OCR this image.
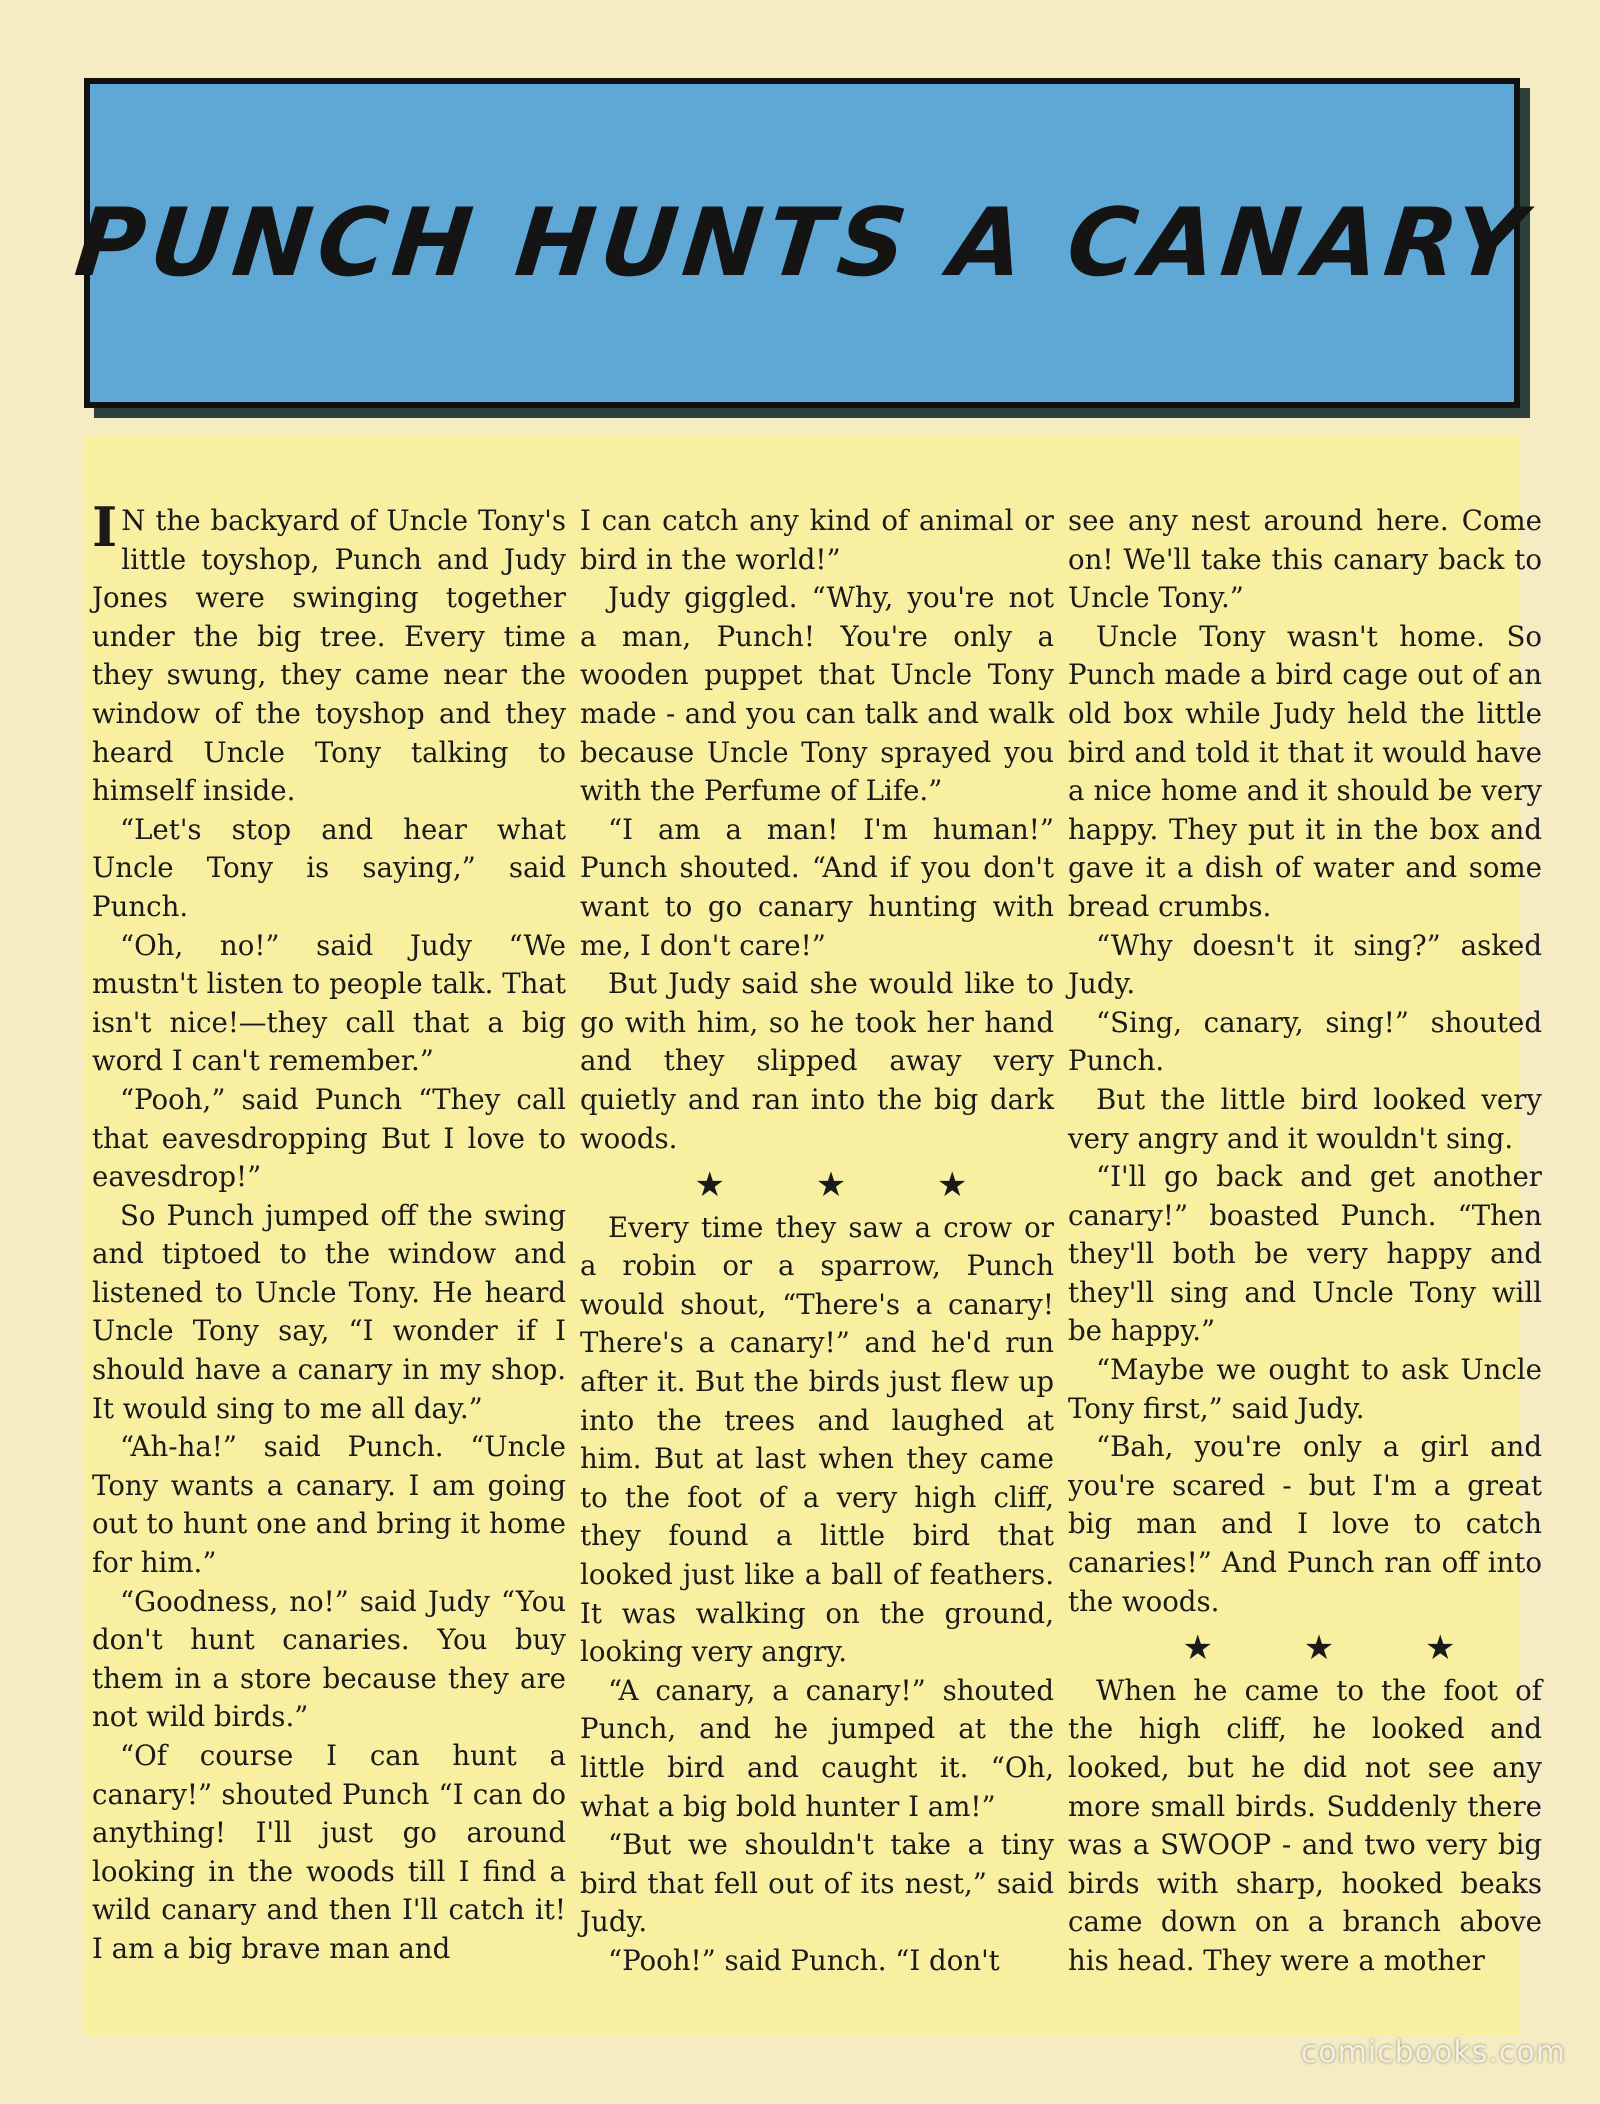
PUNCH HUNTS A CANARY

I N the backyard of Uncle Tony's little toyshop, Punch and Judy Jones were swinging together under the big tree. Every time they swung, they came near the window of the toyshop and they heard Uncle Tony talking to himself inside.

“Let's stop and hear what Uncle Tony is saying,” said Punch.

“Oh, no!” said Judy “We mustn't listen to people talk. That isn't nice!—they call that a big word I can't remember.”

“Pooh,” said Punch “They call that eavesdropping But I love to eavesdrop!”

So Punch jumped off the swing and tiptoed to the window and listened to Uncle Tony. He heard Uncle Tony say, “I wonder if I should have a canary in my shop. It would sing to me all day.”

“Ah-ha!” said Punch. “Uncle Tony wants a canary. I am going out to hunt one and bring it home for him.”

“Goodness, no!” said Judy “You don't hunt canaries. You buy them in a store because they are not wild birds.”

“Of course I can hunt a canary!” shouted Punch “I can do anything! I'll just go around looking in the woods till I find a wild canary and then I'll catch it! I am a big brave man and

I can catch any kind of animal or bird in the world!”

Judy giggled. “Why, you're not a man, Punch! You're only a wooden puppet that Uncle Tony made - and you can talk and walk because Uncle Tony sprayed you with the Perfume of Life.”

“I am a man! I'm human!” Punch shouted. “And if you don't want to go canary hunting with me, I don't care!”

But Judy said she would like to go with him, so he took her hand and they slipped away very quietly and ran into the big dark woods.

★ ★ ★

Every time they saw a crow or a robin or a sparrow, Punch would shout, “There's a canary! There's a canary!” and he'd run after it. But the birds just flew up into the trees and laughed at him. But at last when they came to the foot of a very high cliff, they found a little bird that looked just like a ball of feathers. It was walking on the ground, looking very angry.

“A canary, a canary!” shouted Punch, and he jumped at the little bird and caught it. “Oh, what a big bold hunter I am!”

“But we shouldn't take a tiny bird that fell out of its nest,” said Judy.

“Pooh!” said Punch. “I don't

see any nest around here. Come on! We'll take this canary back to Uncle Tony.”

Uncle Tony wasn't home. So Punch made a bird cage out of an old box while Judy held the little bird and told it that it would have a nice home and it should be very happy. They put it in the box and gave it a dish of water and some bread crumbs.

“Why doesn't it sing?” asked Judy.

“Sing, canary, sing!” shouted Punch.

But the little bird looked very very angry and it wouldn't sing.

“I'll go back and get another canary!” boasted Punch. “Then they'll both be very happy and they'll sing and Uncle Tony will be happy.”

“Maybe we ought to ask Uncle Tony first,” said Judy.

“Bah, you're only a girl and you're scared - but I'm a great big man and I love to catch canaries!” And Punch ran off into the woods.

★ ★ ★

When he came to the foot of the high cliff, he looked and looked, but he did not see any more small birds. Suddenly there was a SWOOP - and two very big birds with sharp, hooked beaks came down on a branch above his head. They were a mother

comicbooks.com
